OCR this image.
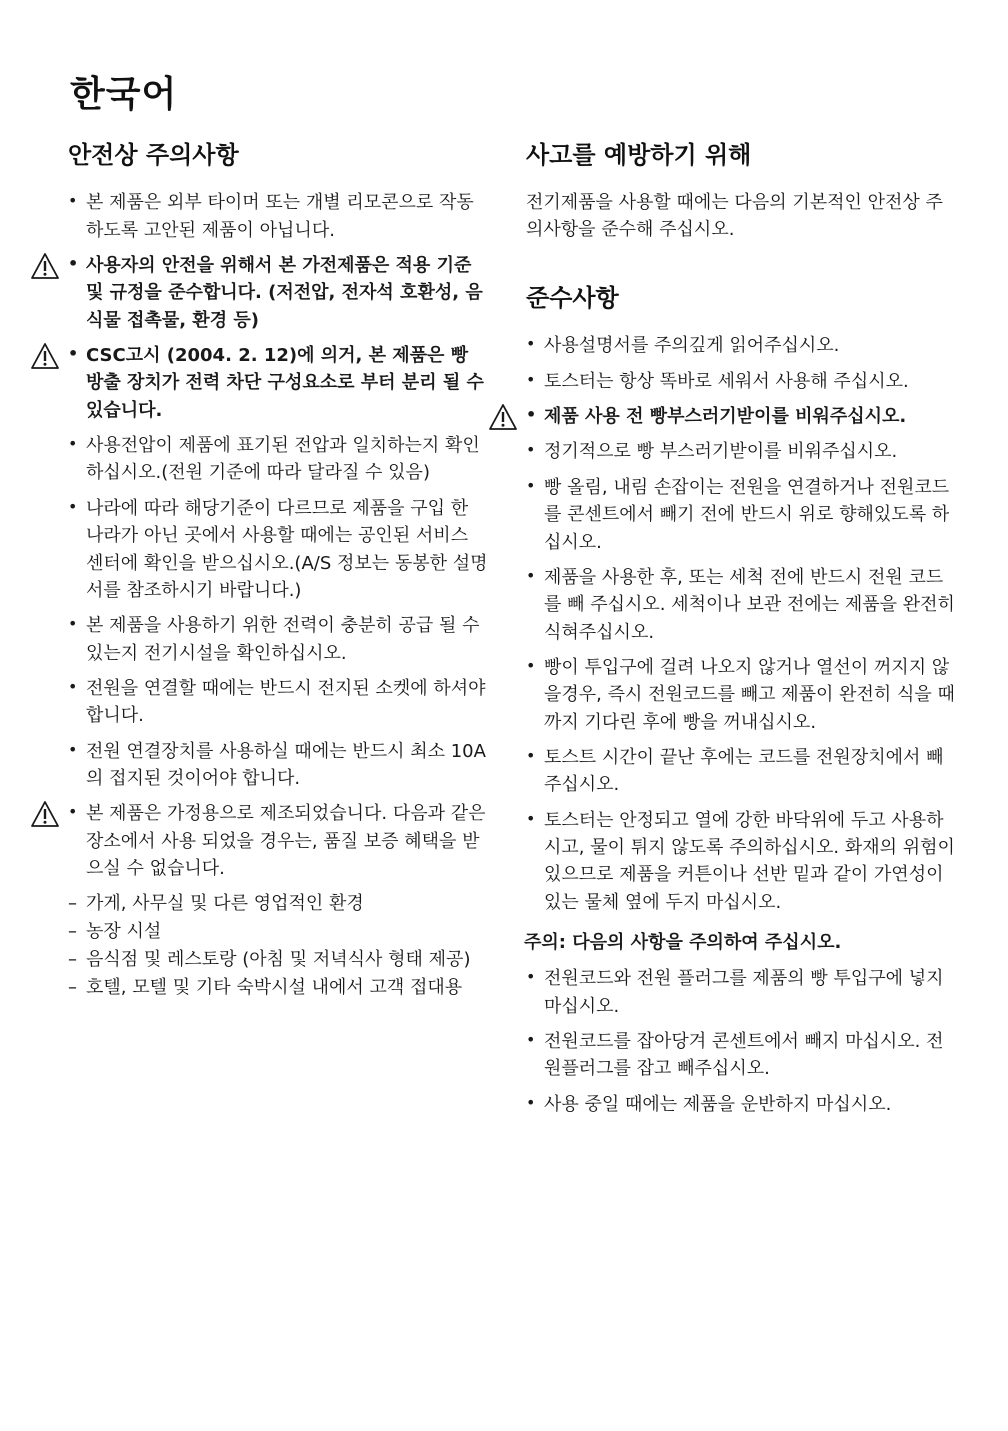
한국어
안전상 주의사항
• 본 제품은 외부 타이머 또는 개별 리모콘으로 작동하도록 고안된 제품이 아닙니다.
• 사용자의 안전을 위해서 본 가전제품은 적용 기준 및 규정을 준수합니다. (저전압, 전자석 호환성, 음식물 접촉물, 환경 등)
• CSC고시 (2004. 2. 12)에 의거, 본 제품은 빵 방출 장치가 전력 차단 구성요소로 부터 분리 될 수 있습니다.
• 사용전압이 제품에 표기된 전압과 일치하는지 확인하십시오.(전원 기준에 따라 달라질 수 있음)
• 나라에 따라 해당기준이 다르므로 제품을 구입 한 나라가 아닌 곳에서 사용할 때에는 공인된 서비스 센터에 확인을 받으십시오.(A/S 정보는 동봉한 설명서를 참조하시기 바랍니다.)
• 본 제품을 사용하기 위한 전력이 충분히 공급 될 수 있는지 전기시설을 확인하십시오.
• 전원을 연결할 때에는 반드시 전지된 소켓에 하셔야합니다.
• 전원 연결장치를 사용하실 때에는 반드시 최소 10A의 접지된 것이어야 합니다.
• 본 제품은 가정용으로 제조되었습니다. 다음과 같은 장소에서 사용 되었을 경우는, 품질 보증 혜택을 받으실 수 없습니다.
– 가게, 사무실 및 다른 영업적인 환경
– 농장 시설
– 음식점 및 레스토랑 (아침 및 저녁식사 형태 제공)
– 호텔, 모텔 및 기타 숙박시설 내에서 고객 접대용
사고를 예방하기 위해

전기제품을 사용할 때에는 다음의 기본적인 안전상 주의사항을 준수해 주십시오.

준수사항
• 사용설명서를 주의깊게 읽어주십시오.
• 토스터는 항상 똑바로 세워서 사용해 주십시오.
• 제품 사용 전 빵부스러기받이를 비워주십시오.
• 정기적으로 빵 부스러기받이를 비워주십시오.
• 빵 올림, 내림 손잡이는 전원을 연결하거나 전원코드를 콘센트에서 빼기 전에 반드시 위로 향해있도록 하십시오.
• 제품을 사용한 후, 또는 세척 전에 반드시 전원 코드를 빼 주십시오. 세척이나 보관 전에는 제품을 완전히 식혀주십시오.
• 빵이 투입구에 걸려 나오지 않거나 열선이 꺼지지 않을경우, 즉시 전원코드를 빼고 제품이 완전히 식을 때까지 기다린 후에 빵을 꺼내십시오.
• 토스트 시간이 끝난 후에는 코드를 전원장치에서 빼 주십시오.
• 토스터는 안정되고 열에 강한 바닥위에 두고 사용하시고, 물이 튀지 않도록 주의하십시오. 화재의 위험이 있으므로 제품을 커튼이나 선반 밑과 같이 가연성이 있는 물체 옆에 두지 마십시오.
주의: 다음의 사항을 주의하여 주십시오.
• 전원코드와 전원 플러그를 제품의 빵 투입구에 넣지 마십시오.
• 전원코드를 잡아당겨 콘센트에서 빼지 마십시오. 전원플러그를 잡고 빼주십시오.
• 사용 중일 때에는 제품을 운반하지 마십시오.
